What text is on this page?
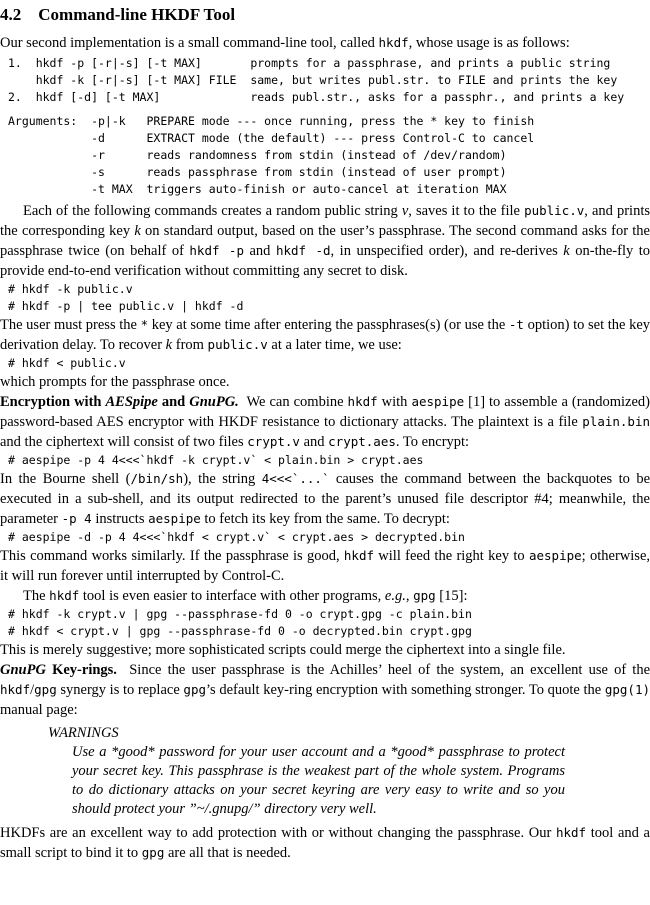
4.2 Command-line HKDF Tool

Our second implementation is a small command-line tool, called hkdf, whose usage is as follows:

1.  hkdf -p [-r|-s] [-t MAX]       prompts for a passphrase, and prints a public string
hkdf -k [-r|-s] [-t MAX] FILE  same, but writes publ.str. to FILE and prints the key
2.  hkdf [-d] [-t MAX]             reads publ.str., asks for a passphr., and prints a key
Arguments:  -p|-k   PREPARE mode --- once running, press the * key to finish
-d      EXTRACT mode (the default) --- press Control-C to cancel
-r      reads randomness from stdin (instead of /dev/random)
-s      reads passphrase from stdin (instead of user prompt)
-t MAX  triggers auto-finish or auto-cancel at iteration MAX

Each of the following commands creates a random public string v, saves it to the file public.v, and prints the corresponding key k on standard output, based on the user’s passphrase. The second command asks for the passphrase twice (on behalf of hkdf -p and hkdf -d, in unspecified order), and re-derives k on-the-fly to provide end-to-end verification without committing any secret to disk.

# hkdf -k public.v
# hkdf -p | tee public.v | hkdf -d

The user must press the * key at some time after entering the passphrases(s) (or use the -t option) to set the key derivation delay. To recover k from public.v at a later time, we use:

# hkdf < public.v

which prompts for the passphrase once.

Encryption with AESpipe and GnuPG.  We can combine hkdf with aespipe [1] to assemble a (randomized) password-based AES encryptor with HKDF resistance to dictionary attacks. The plaintext is a file plain.bin and the ciphertext will consist of two files crypt.v and crypt.aes. To encrypt:

# aespipe -p 4 4<<<`hkdf -k crypt.v` < plain.bin > crypt.aes

In the Bourne shell (/bin/sh), the string 4<<<`...` causes the command between the backquotes to be executed in a sub-shell, and its output redirected to the parent’s unused file descriptor #4; meanwhile, the parameter -p 4 instructs aespipe to fetch its key from the same. To decrypt:

# aespipe -d -p 4 4<<<`hkdf < crypt.v` < crypt.aes > decrypted.bin

This command works similarly. If the passphrase is good, hkdf will feed the right key to aespipe; otherwise, it will run forever until interrupted by Control-C.

The hkdf tool is even easier to interface with other programs, e.g., gpg [15]:

# hkdf -k crypt.v | gpg --passphrase-fd 0 -o crypt.gpg -c plain.bin
# hkdf < crypt.v | gpg --passphrase-fd 0 -o decrypted.bin crypt.gpg

This is merely suggestive; more sophisticated scripts could merge the ciphertext into a single file.

GnuPG Key-rings.  Since the user passphrase is the Achilles’ heel of the system, an excellent use of the hkdf/gpg synergy is to replace gpg’s default key-ring encryption with something stronger. To quote the gpg(1) manual page:

WARNINGS

Use a *good* password for your user account and a *good* passphrase to protect your secret key. This passphrase is the weakest part of the whole system. Programs to do dictionary attacks on your secret keyring are very easy to write and so you should protect your ”~/.gnupg/” directory very well.

HKDFs are an excellent way to add protection with or without changing the passphrase. Our hkdf tool and a small script to bind it to gpg are all that is needed.
